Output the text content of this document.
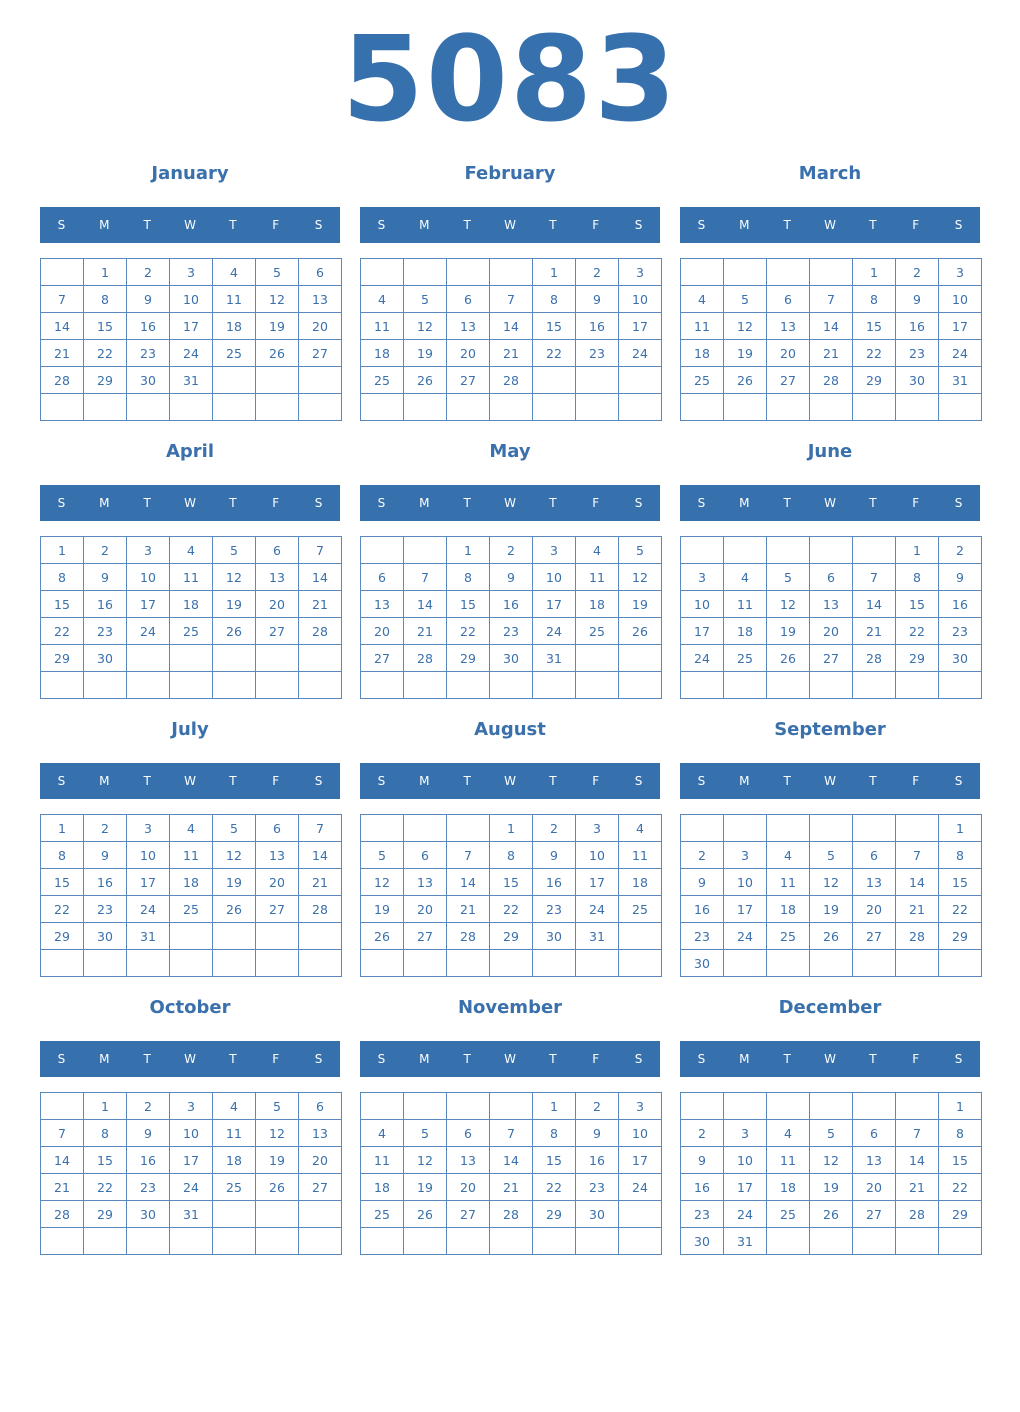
5083
January
S	M	T	W	T	F	S
	1	2	3	4	5	6
7	8	9	10	11	12	13
14	15	16	17	18	19	20
21	22	23	24	25	26	27
28	29	30	31			

February
S	M	T	W	T	F	S
				1	2	3
4	5	6	7	8	9	10
11	12	13	14	15	16	17
18	19	20	21	22	23	24
25	26	27	28			

March
S	M	T	W	T	F	S
				1	2	3
4	5	6	7	8	9	10
11	12	13	14	15	16	17
18	19	20	21	22	23	24
25	26	27	28	29	30	31

April
S	M	T	W	T	F	S
1	2	3	4	5	6	7
8	9	10	11	12	13	14
15	16	17	18	19	20	21
22	23	24	25	26	27	28
29	30					

May
S	M	T	W	T	F	S
		1	2	3	4	5
6	7	8	9	10	11	12
13	14	15	16	17	18	19
20	21	22	23	24	25	26
27	28	29	30	31		

June
S	M	T	W	T	F	S
					1	2
3	4	5	6	7	8	9
10	11	12	13	14	15	16
17	18	19	20	21	22	23
24	25	26	27	28	29	30

July
S	M	T	W	T	F	S
1	2	3	4	5	6	7
8	9	10	11	12	13	14
15	16	17	18	19	20	21
22	23	24	25	26	27	28
29	30	31				

August
S	M	T	W	T	F	S
			1	2	3	4
5	6	7	8	9	10	11
12	13	14	15	16	17	18
19	20	21	22	23	24	25
26	27	28	29	30	31	

September
S	M	T	W	T	F	S
						1
2	3	4	5	6	7	8
9	10	11	12	13	14	15
16	17	18	19	20	21	22
23	24	25	26	27	28	29
30						
October
S	M	T	W	T	F	S
	1	2	3	4	5	6
7	8	9	10	11	12	13
14	15	16	17	18	19	20
21	22	23	24	25	26	27
28	29	30	31			

November
S	M	T	W	T	F	S
				1	2	3
4	5	6	7	8	9	10
11	12	13	14	15	16	17
18	19	20	21	22	23	24
25	26	27	28	29	30	

December
S	M	T	W	T	F	S
						1
2	3	4	5	6	7	8
9	10	11	12	13	14	15
16	17	18	19	20	21	22
23	24	25	26	27	28	29
30	31					
